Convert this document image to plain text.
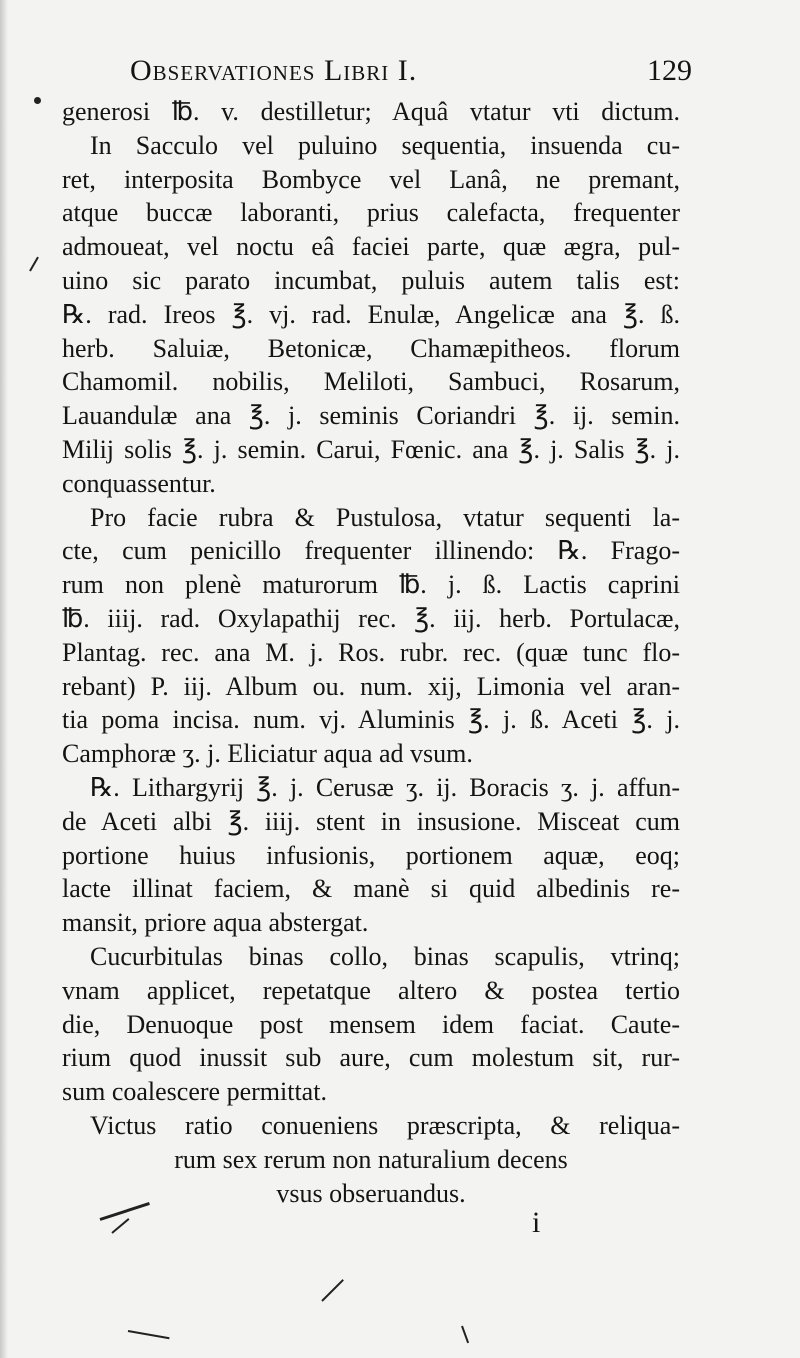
Observationes Libri I.	129
generosi ℔. v. destilletur; Aquâ vtatur vti dictum.
In Sacculo vel puluino sequentia, insuenda cu-
ret, interposita Bombyce vel Lanâ, ne premant,
atque buccæ laboranti, prius calefacta, frequenter
admoueat, vel noctu eâ faciei parte, quæ ægra, pul-
uino sic parato incumbat, puluis autem talis est:
℞. rad. Ireos ℥. vj. rad. Enulæ, Angelicæ ana ℥. ß.
herb. Saluiæ, Betonicæ, Chamæpitheos. florum
Chamomil. nobilis, Meliloti, Sambuci, Rosarum,
Lauandulæ ana ℥. j. seminis Coriandri ℥. ij. semin.
Milij solis ℥. j. semin. Carui, Fœnic. ana ℥. j. Salis ℥. j.
conquassentur.
Pro facie rubra & Pustulosa, vtatur sequenti la-
cte, cum penicillo frequenter illinendo: ℞. Frago-
rum non plenè maturorum ℔. j. ß. Lactis caprini
℔. iiij. rad. Oxylapathij rec. ℥. iij. herb. Portulacæ,
Plantag. rec. ana M. j. Ros. rubr. rec. (quæ tunc flo-
rebant) P. iij. Album ou. num. xij, Limonia vel aran-
tia poma incisa. num. vj. Aluminis ℥. j. ß. Aceti ℥. j.
Camphoræ ʒ. j. Eliciatur aqua ad vsum.
℞. Lithargyrij ℥. j. Cerusæ ʒ. ij. Boracis ʒ. j. affun-
de Aceti albi ℥. iiij. stent in insusione. Misceat cum
portione huius infusionis, portionem aquæ, eoq;
lacte illinat faciem, & manè si quid albedinis re-
mansit, priore aqua abstergat.
Cucurbitulas binas collo, binas scapulis, vtrinq;
vnam applicet, repetatque altero & postea tertio
die, Denuoque post mensem idem faciat. Caute-
rium quod inussit sub aure, cum molestum sit, rur-
sum coalescere permittat.
Victus ratio conueniens præscripta, & reliqua-
rum sex rerum non naturalium decens
vsus obseruandus.
i
